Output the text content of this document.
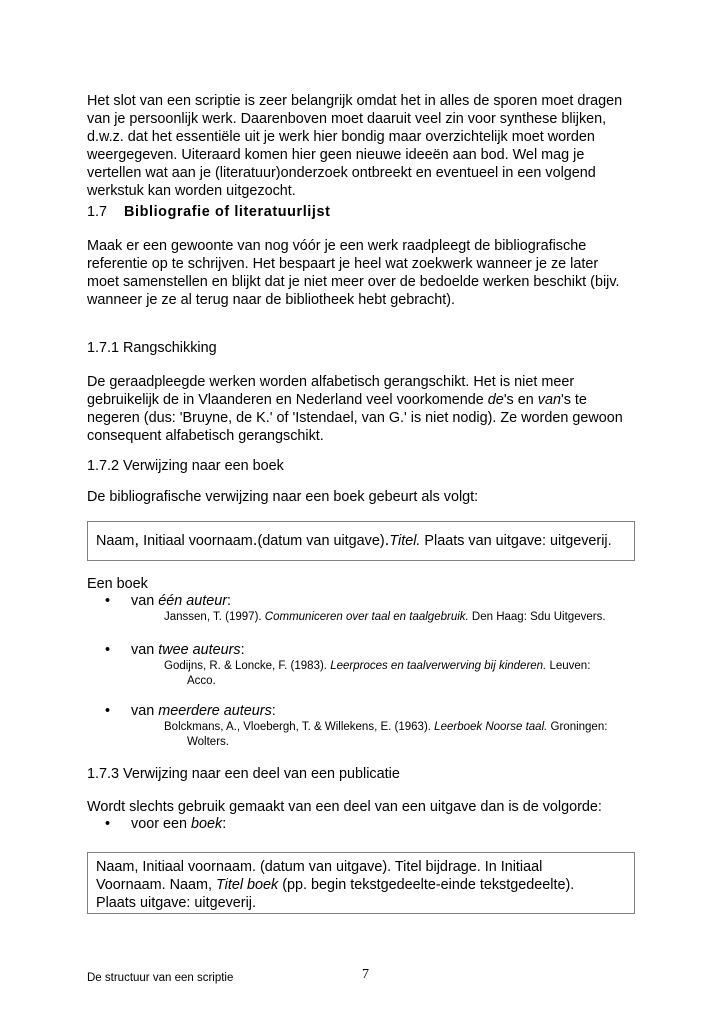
Het slot van een scriptie is zeer belangrijk omdat het in alles de sporen moet dragen

van je persoonlijk werk. Daarenboven moet daaruit veel zin voor synthese blijken,

d.w.z. dat het essentiële uit je werk hier bondig maar overzichtelijk moet worden

weergegeven. Uiteraard komen hier geen nieuwe ideeën aan bod. Wel mag je

vertellen wat aan je (literatuur)onderzoek ontbreekt en eventueel in een volgend

werkstuk kan worden uitgezocht.

1.7 Bibliografie of literatuurlijst

Maak er een gewoonte van nog vóór je een werk raadpleegt de bibliografische

referentie op te schrijven. Het bespaart je heel wat zoekwerk wanneer je ze later

moet samenstellen en blijkt dat je niet meer over de bedoelde werken beschikt (bijv.

wanneer je ze al terug naar de bibliotheek hebt gebracht).

1.7.1 Rangschikking

De geraadpleegde werken worden alfabetisch gerangschikt. Het is niet meer

gebruikelijk de in Vlaanderen en Nederland veel voorkomende de's en van's te

negeren (dus: 'Bruyne, de K.' of 'Istendael, van G.' is niet nodig). Ze worden gewoon

consequent alfabetisch gerangschikt.

1.7.2 Verwijzing naar een boek
De bibliografische verwijzing naar een boek gebeurt als volgt:
Naam, Initiaal voornaam.(datum van uitgave).Titel. Plaats van uitgave: uitgeverij.
Een boek
• van één auteur:
Janssen, T. (1997). Communiceren over taal en taalgebruik. Den Haag: Sdu Uitgevers.
• van twee auteurs:
Godijns, R. & Loncke, F. (1983). Leerproces en taalverwerving bij kinderen. Leuven:
Acco.
• van meerdere auteurs:
Bolckmans, A., Vloebergh, T. & Willekens, E. (1963). Leerboek Noorse taal. Groningen:
Wolters.
1.7.3 Verwijzing naar een deel van een publicatie
Wordt slechts gebruik gemaakt van een deel van een uitgave dan is de volgorde:
• voor een boek:

Naam, Initiaal voornaam. (datum van uitgave). Titel bijdrage. In Initiaal

Voornaam. Naam, Titel boek (pp. begin tekstgedeelte-einde tekstgedeelte).

Plaats uitgave: uitgeverij.

De structuur van een scriptie	7
